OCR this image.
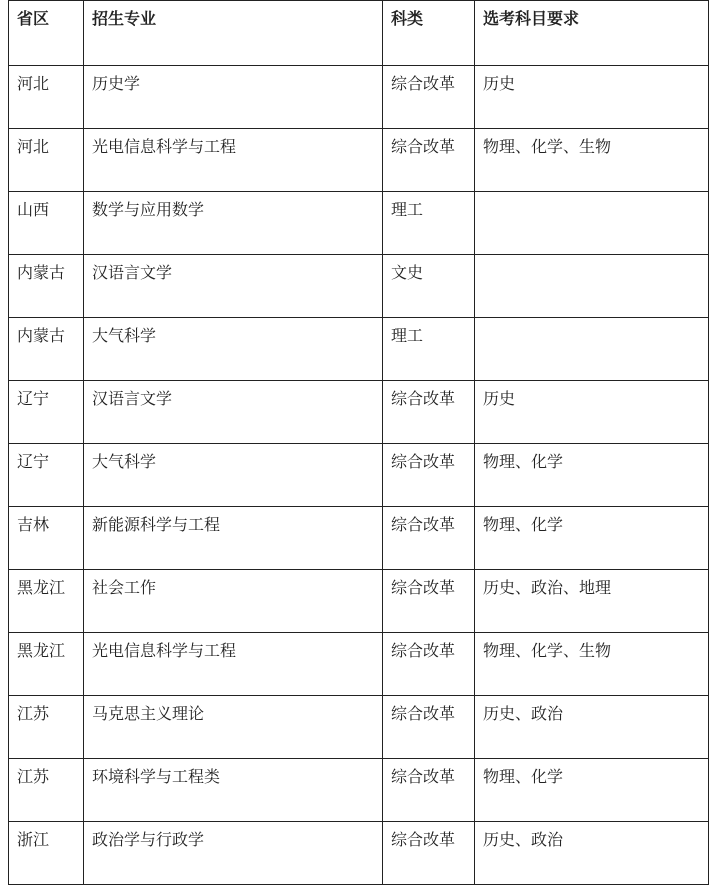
省区	招生专业	科类	选考科目要求
河北	历史学	综合改革	历史
河北	光电信息科学与工程	综合改革	物理、化学、生物
山西	数学与应用数学	理工	
内蒙古	汉语言文学	文史	
内蒙古	大气科学	理工	
辽宁	汉语言文学	综合改革	历史
辽宁	大气科学	综合改革	物理、化学
吉林	新能源科学与工程	综合改革	物理、化学
黑龙江	社会工作	综合改革	历史、政治、地理
黑龙江	光电信息科学与工程	综合改革	物理、化学、生物
江苏	马克思主义理论	综合改革	历史、政治
江苏	环境科学与工程类	综合改革	物理、化学
浙江	政治学与行政学	综合改革	历史、政治
